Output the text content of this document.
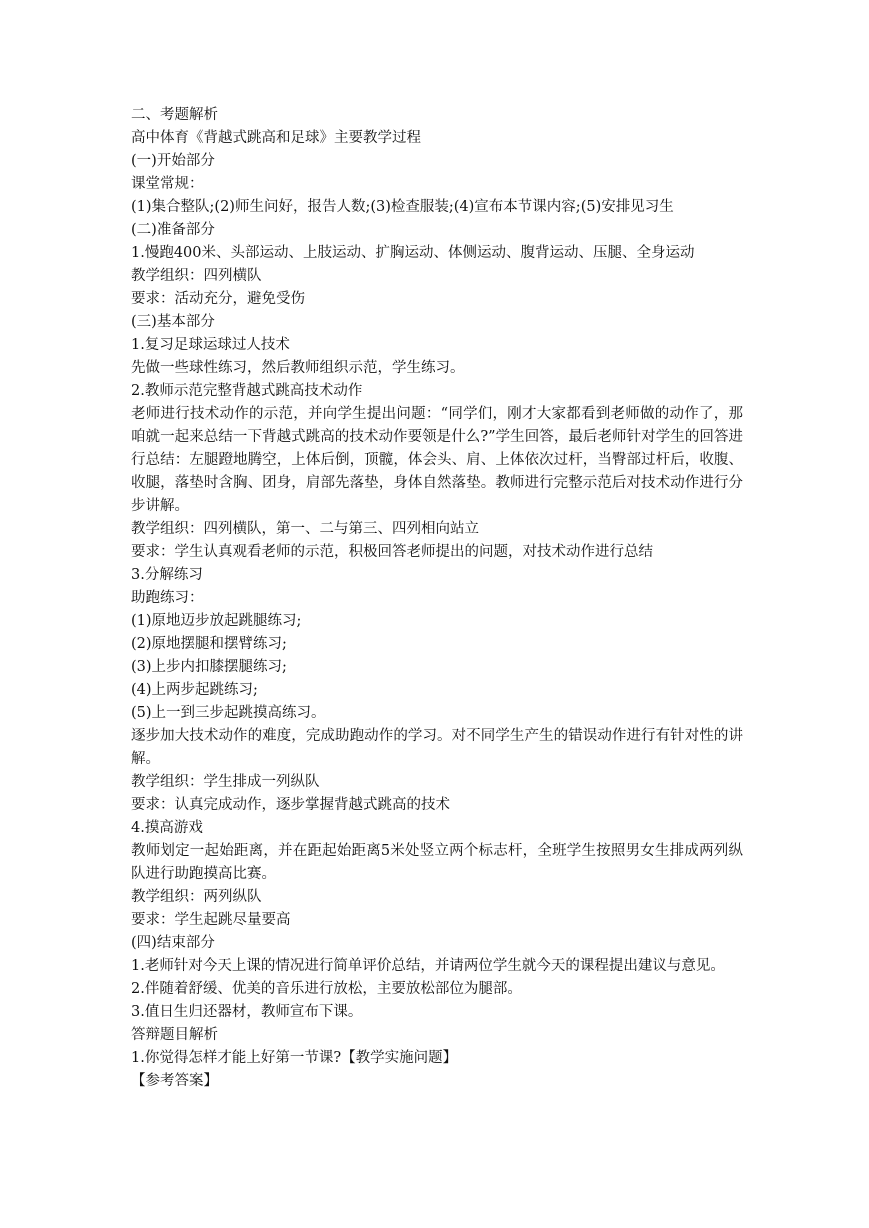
二、考题解析

高中体育《背越式跳高和足球》主要教学过程

(一)开始部分

课堂常规：

(1)集合整队;(2)师生问好，报告人数;(3)检查服装;(4)宣布本节课内容;(5)安排见习生

(二)准备部分

1.慢跑400米、头部运动、上肢运动、扩胸运动、体侧运动、腹背运动、压腿、全身运动

教学组织：四列横队

要求：活动充分，避免受伤

(三)基本部分

1.复习足球运球过人技术

先做一些球性练习，然后教师组织示范，学生练习。

2.教师示范完整背越式跳高技术动作

老师进行技术动作的示范，并向学生提出问题：“同学们，刚才大家都看到老师做的动作了，那咱就一起来总结一下背越式跳高的技术动作要领是什么?”学生回答，最后老师针对学生的回答进行总结：左腿蹬地腾空，上体后倒，顶髋，体会头、肩、上体依次过杆，当臀部过杆后，收腹、收腿，落垫时含胸、团身，肩部先落垫，身体自然落垫。教师进行完整示范后对技术动作进行分步讲解。

教学组织：四列横队，第一、二与第三、四列相向站立

要求：学生认真观看老师的示范，积极回答老师提出的问题，对技术动作进行总结

3.分解练习

助跑练习：

(1)原地迈步放起跳腿练习;

(2)原地摆腿和摆臂练习;

(3)上步内扣膝摆腿练习;

(4)上两步起跳练习;

(5)上一到三步起跳摸高练习。

逐步加大技术动作的难度，完成助跑动作的学习。对不同学生产生的错误动作进行有针对性的讲解。

教学组织：学生排成一列纵队

要求：认真完成动作，逐步掌握背越式跳高的技术

4.摸高游戏

教师划定一起始距离，并在距起始距离5米处竖立两个标志杆，全班学生按照男女生排成两列纵队进行助跑摸高比赛。

教学组织：两列纵队

要求：学生起跳尽量要高

(四)结束部分

1.老师针对今天上课的情况进行简单评价总结，并请两位学生就今天的课程提出建议与意见。

2.伴随着舒缓、优美的音乐进行放松，主要放松部位为腿部。

3.值日生归还器材，教师宣布下课。

答辩题目解析

1.你觉得怎样才能上好第一节课?【教学实施问题】

【参考答案】
